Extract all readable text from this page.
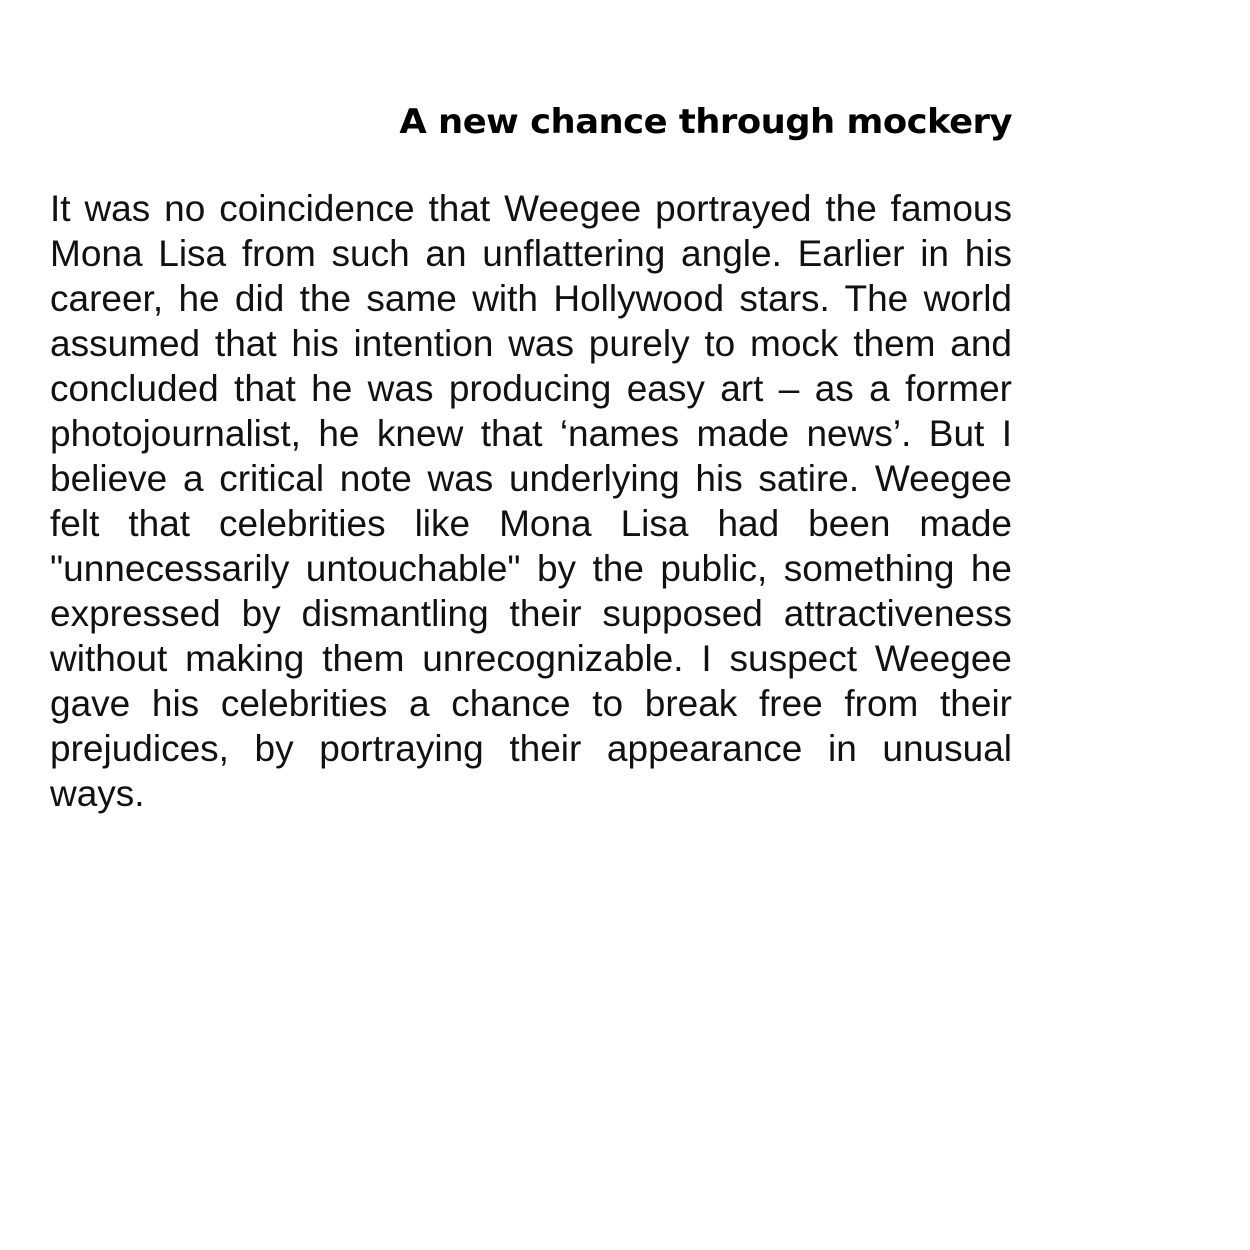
A new chance through mockery

It was no coincidence that Weegee portrayed the famous Mona Lisa from such an unflattering angle. Earlier in his career, he did the same with Hollywood stars. The world assumed that his intention was purely to mock them and concluded that he was producing easy art – as a former photojournalist, he knew that ‘names made news’. But I believe a critical note was underlying his satire. Weegee felt that celebrities like Mona Lisa had been made "unnecessarily untouchable" by the public, something he expressed by dismantling their supposed attractiveness without making them unrecognizable. I suspect Weegee gave his celebrities a chance to break free from their prejudices, by portraying their appearance in unusual ways.
